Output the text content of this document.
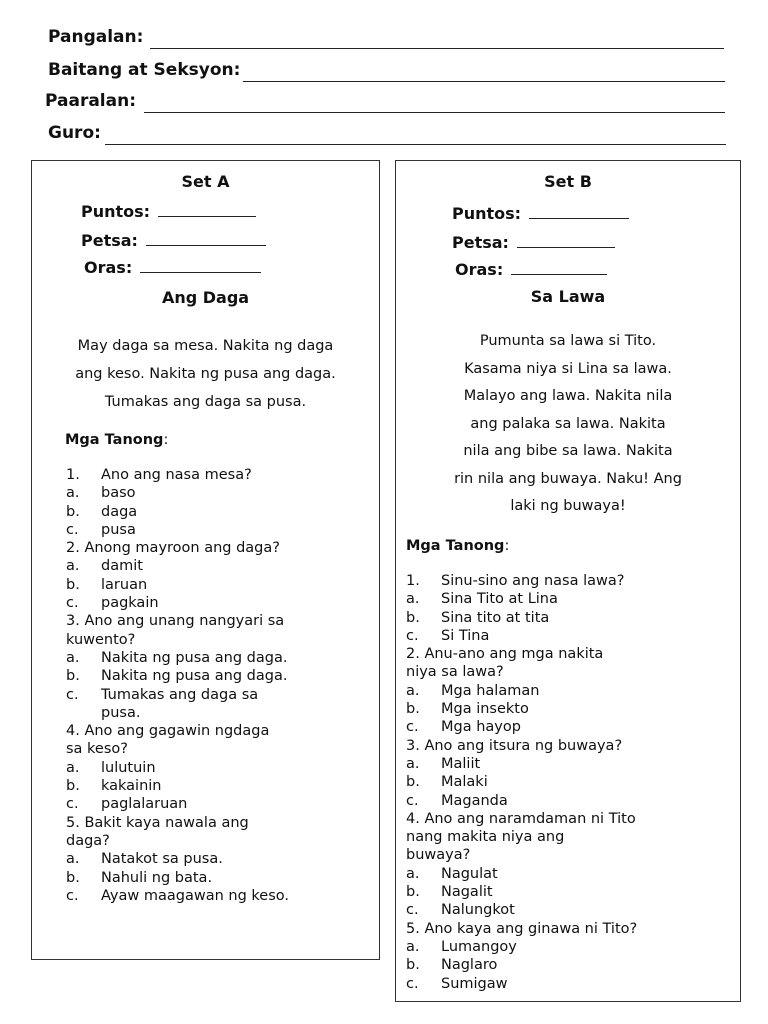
Pangalan:
Baitang at Seksyon:
Paaralan:
Guro:
Set A
Puntos:
Petsa:
Oras:
Ang Daga

May daga sa mesa. Nakita ng daga

ang keso. Nakita ng pusa ang daga.

Tumakas ang daga sa pusa.

Mga Tanong:
1. Ano ang nasa mesa?
a. baso
b. daga
c. pusa
2. Anong mayroon ang daga?
a. damit
b. laruan
c. pagkain
3. Ano ang unang nangyari sa
kuwento?
a. Nakita ng pusa ang daga.
b. Nakita ng pusa ang daga.
c. Tumakas ang daga sa
pusa.
4. Ano ang gagawin ngdaga
sa keso?
a. lulutuin
b. kakainin
c. paglalaruan
5. Bakit kaya nawala ang
daga?
a. Natakot sa pusa.
b. Nahuli ng bata.
c. Ayaw maagawan ng keso.
Set B
Puntos:
Petsa:
Oras:
Sa Lawa

Pumunta sa lawa si Tito.

Kasama niya si Lina sa lawa.

Malayo ang lawa. Nakita nila

ang palaka sa lawa. Nakita

nila ang bibe sa lawa. Nakita

rin nila ang buwaya. Naku! Ang

laki ng buwaya!

Mga Tanong:
1. Sinu-sino ang nasa lawa?
a. Sina Tito at Lina
b. Sina tito at tita
c. Si Tina
2. Anu-ano ang mga nakita
niya sa lawa?
a. Mga halaman
b. Mga insekto
c. Mga hayop
3. Ano ang itsura ng buwaya?
a. Maliit
b. Malaki
c. Maganda
4. Ano ang naramdaman ni Tito
nang makita niya ang
buwaya?
a. Nagulat
b. Nagalit
c. Nalungkot
5. Ano kaya ang ginawa ni Tito?
a. Lumangoy
b. Naglaro
c. Sumigaw
